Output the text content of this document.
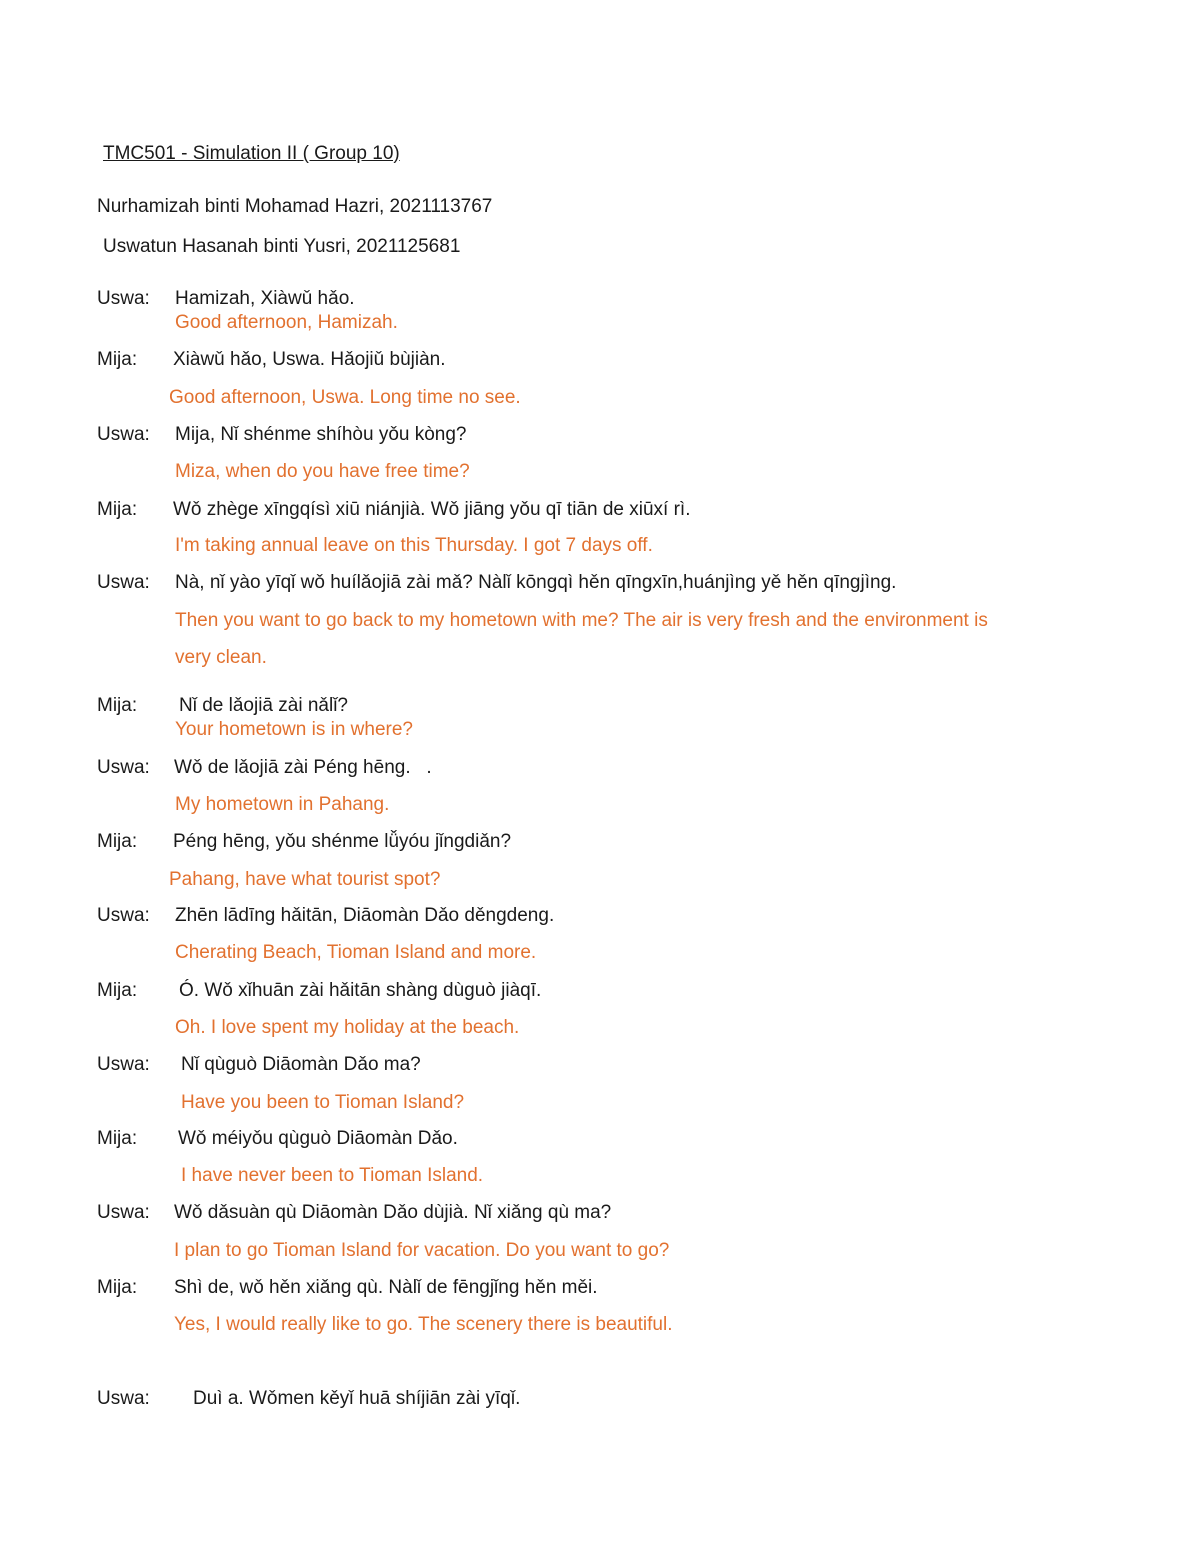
TMC501 - Simulation II ( Group 10)
Nurhamizah binti Mohamad Hazri, 2021113767
Uswatun Hasanah binti Yusri, 2021125681
Uswa: Hamizah, Xiàwǔ hǎo.
Good afternoon, Hamizah.
Mija: Xiàwǔ hǎo, Uswa. Hǎojiǔ bùjiàn.
Good afternoon, Uswa. Long time no see.
Uswa: Mija, Nǐ shénme shíhòu yǒu kòng?
Miza, when do you have free time?
Mija: Wǒ zhège xīngqísì xiū niánjià. Wǒ jiāng yǒu qī tiān de xiūxí rì.
I'm taking annual leave on this Thursday. I got 7 days off.
Uswa: Nà, nǐ yào yīqǐ wǒ huílǎojiā zài mǎ? Nàlǐ kōngqì hěn qīngxīn,huánjìng yě hěn qīngjìng.
Then you want to go back to my hometown with me? The air is very fresh and the environment is
very clean.
Mija: Nǐ de lǎojiā zài nǎlǐ?
Your hometown is in where?
Uswa: Wǒ de lǎojiā zài Péng hēng.   .
My hometown in Pahang.
Mija: Péng hēng, yǒu shénme lǚyóu jǐngdiǎn?
Pahang, have what tourist spot?
Uswa: Zhēn lādīng hǎitān, Diāomàn Dǎo děngdeng.
Cherating Beach, Tioman Island and more.
Mija: Ó. Wǒ xǐhuān zài hǎitān shàng dùguò jiàqī.
Oh. I love spent my holiday at the beach.
Uswa: Nǐ qùguò Diāomàn Dǎo ma?
Have you been to Tioman Island?
Mija: Wǒ méiyǒu qùguò Diāomàn Dǎo.
I have never been to Tioman Island.
Uswa: Wǒ dǎsuàn qù Diāomàn Dǎo dùjià. Nǐ xiǎng qù ma?
I plan to go Tioman Island for vacation. Do you want to go?
Mija: Shì de, wǒ hěn xiǎng qù. Nàlǐ de fēngjǐng hěn měi.
Yes, I would really like to go. The scenery there is beautiful.
Uswa: Duì a. Wǒmen kěyǐ huā shíjiān zài yīqǐ.
